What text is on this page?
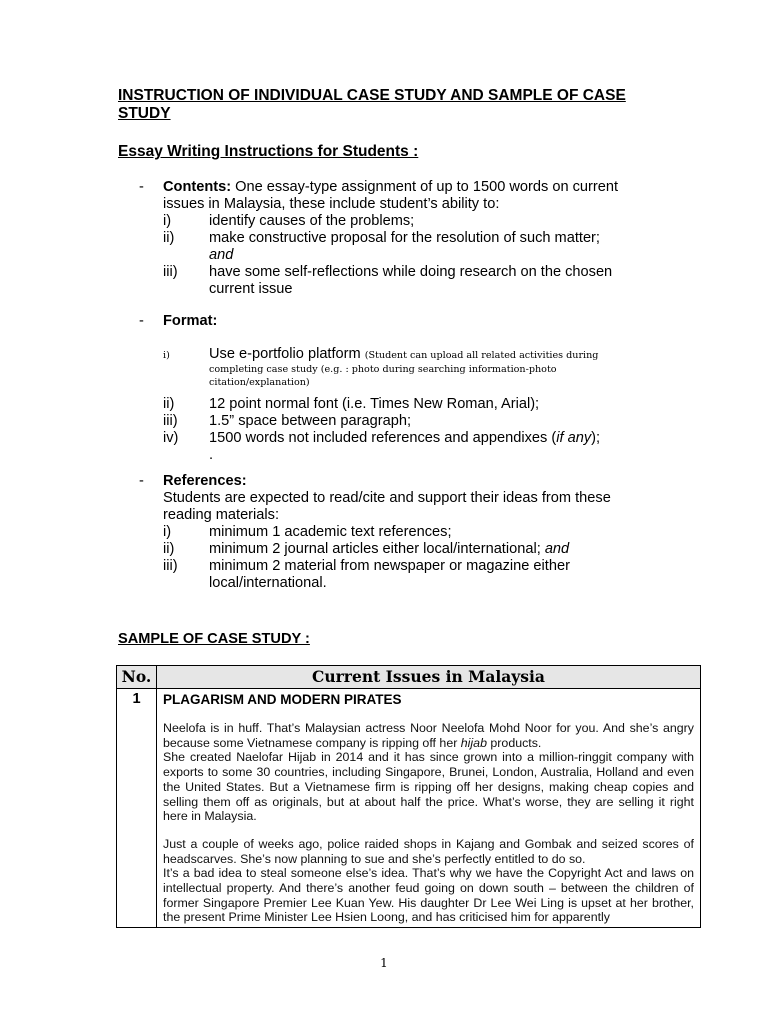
INSTRUCTION OF INDIVIDUAL CASE STUDY AND SAMPLE OF CASE STUDY
Essay Writing Instructions for Students :
- Contents: One essay-type assignment of up to 1500 words on current
issues in Malaysia, these include student’s ability to:
i)	identify causes of the problems;
ii) make constructive proposal for the resolution of such matter;
and
iii) have some self-reflections while doing research on the chosen
current issue
- Format:
i)	Use e-portfolio platform (Student can upload all related activities during
completing case study (e.g. : photo during searching information-photo
citation/explanation)
ii) 12 point normal font (i.e. Times New Roman, Arial);
iii) 1.5” space between paragraph;
iv) 1500 words not included references and appendixes (if any);
.
- References:
Students are expected to read/cite and support their ideas from these
reading materials:
i)	minimum 1 academic text references;
ii) minimum 2 journal articles either local/international; and
iii) minimum 2 material from newspaper or magazine either
local/international.
SAMPLE OF CASE STUDY :
No.	Current Issues in Malaysia
1	PLAGARISM AND MODERN PIRATES

Neelofa is in huff. That’s Malaysian actress Noor Neelofa Mohd Noor for you. And she’s angry because some Vietnamese company is ripping off her hijab products.

She created Naelofar Hijab in 2014 and it has since grown into a million-ringgit company with exports to some 30 countries, including Singapore, Brunei, London, Australia, Holland and even the United States. But a Vietnamese firm is ripping off her designs, making cheap copies and selling them off as originals, but at about half the price. What’s worse, they are selling it right here in Malaysia.

Just a couple of weeks ago, police raided shops in Kajang and Gombak and seized scores of headscarves. She’s now planning to sue and she’s perfectly entitled to do so.

It’s a bad idea to steal someone else’s idea. That’s why we have the Copyright Act and laws on intellectual property. And there’s another feud going on down south – between the children of former Singapore Premier Lee Kuan Yew. His daughter Dr Lee Wei Ling is upset at her brother, the present Prime Minister Lee Hsien Loong, and has criticised him for apparently

1
